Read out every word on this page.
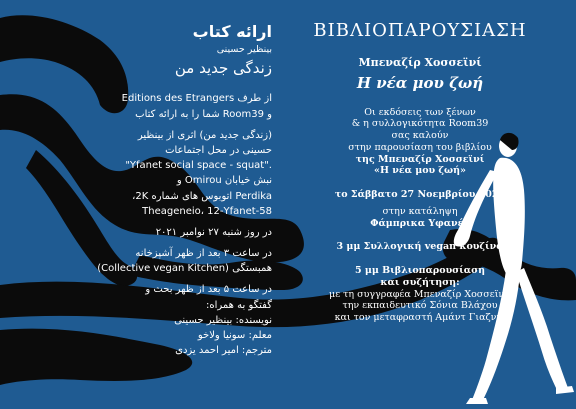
ارائه کتاب
بینظیر حسینی
زندگی جدید من
از طرف Editions des Etrangers
و Room39 شما را به ارائه کتاب
(زندگی جدید من) اثری از بینظیر
حسینی در محل اجتماعات
"Yfanet social space - squat".
نبش خیابان Omirou و
Perdika اتوبوس های شماره 2K،
58-Theageneio، 12-Yfanet
در روز شنبه ۲۷ نوامبر ۲۰۲۱
در ساعت ۳ بعد از ظهر آشپزخانه
همبستگی (Collective vegan Kitchen)
در ساعت ۵ بعد از ظهر بحث و
گفتگو به همراه:
نویسنده: بینظیر حسینی
معلم: سونیا ولاخو
مترجم: امیر احمد یزدی
ΒΙΒΛΙΟΠΑΡΟΥΣΙΑΣΗ
Μπεναζίρ Χοσσεϊνί
Η νέα μου ζωή
Οι εκδόσεις των ξένων
& η συλλογικότητα Room39
σας καλούν
στην παρουσίαση του βιβλίου
της Μπεναζίρ Χοσσεϊνί
«Η νέα μου ζωή»
το Σάββατο 27 Νοεμβρίου 2021
στην κατάληψη
Φάμπρικα Υφανέτ
3 μμ Συλλογική vegan κουζίνα
5 μμ Βιβλιοπαρουσίαση
και συζήτηση:
με τη συγγραφέα Μπεναζίρ Χοσσεϊνί,
την εκπαιδευτικό Σόνια Βλάχου
και τον μεταφραστή Αμάντ Γιαζντί
